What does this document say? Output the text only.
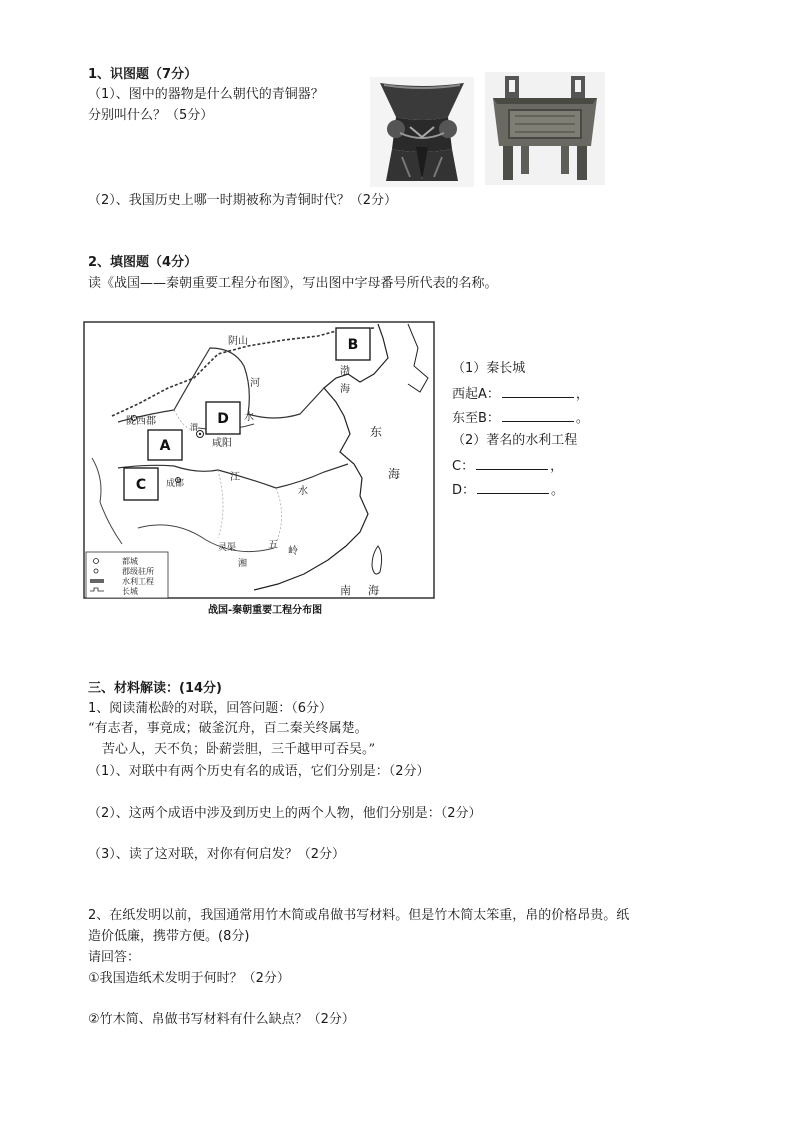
1、识图题（7分）
（1）、图中的器物是什么朝代的青铜器？
分别叫什么？（5分）
（2）、我国历史上哪一时期被称为青铜时代？（2分）
2、填图题（4分）
读《战国——秦朝重要工程分布图》，写出图中字母番号所代表的名称。
A
B
C
D
阴山
陇西郡
咸阳
成都
灵渠
河
水
江
五
岭
东
海
渤
海
南 海
渭
湘
水
都城
郡级驻所
水利工程
长城
战国-秦朝重要工程分布图
（1）秦长城
西起A：	，
东至B：	。
（2）著名的水利工程
C：	，
D：	。
三、材料解读：(14分)
1、阅读蒲松龄的对联，回答问题：（6分）
“有志者，事竟成；破釜沉舟，百二秦关终属楚。
苦心人，天不负；卧薪尝胆，三千越甲可吞吴。”
（1）、对联中有两个历史有名的成语，它们分别是：（2分）
（2）、这两个成语中涉及到历史上的两个人物，他们分别是：（2分）
（3）、读了这对联，对你有何启发？（2分）
2、在纸发明以前，我国通常用竹木简或帛做书写材料。但是竹木简太笨重，帛的价格昂贵。纸
造价低廉，携带方便。(8分)
请回答：
①我国造纸术发明于何时？（2分）
②竹木简、帛做书写材料有什么缺点？（2分）
